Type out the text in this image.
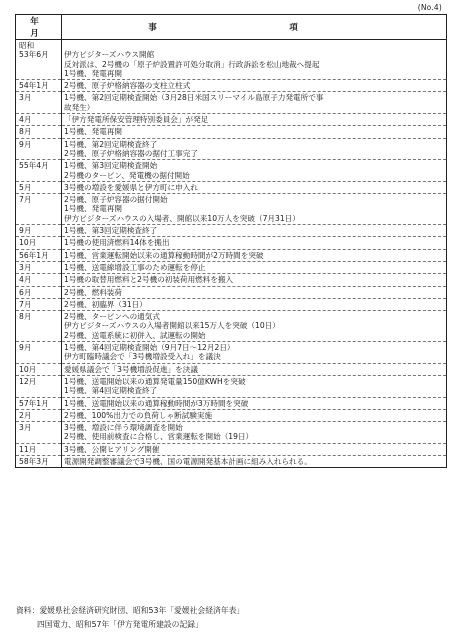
(No.4)
年　月	事　項

昭和
53年6月	伊方ビジターズハウス開館
反対派は、2号機の「原子炉設置許可処分取消」行政訴訟を松山地裁へ提起
1号機、発電再開

54年1月	2号機、原子炉格納容器の支柱立柱式

3月	1号機、第2回定期検査開始（3月28日米国スリーマイル島原子力発電所で事
故発生）

4月	「伊方発電所保安管理特別委員会」が発足

8月	1号機、発電再開

9月	1号機、第2回定期検査終了
2号機、原子炉格納容器の据付工事完了

55年4月	1号機、第3回定期検査開始
2号機のタービン、発電機の据付開始

5月	3号機の増設を愛媛県と伊方町に申入れ

7月	2号機、原子炉容器の据付開始
1号機、発電再開
伊方ビジターズハウスの入場者、開館以来10万人を突破（7月31日）

9月	1号機、第3回定期検査終了

10月	1号機の使用済燃料14体を搬出

56年1月	1号機、営業運転開始以来の通算稼動時間が2万時間を突破

3月	1号機、送電線增設工事のため運転を停止

4月	1号機の取替用燃料と2号機の初装荷用燃料を搬入

6月	2号機、燃料装荷

7月	2号機、初臨界（31日）

8月	2号機、タービンへの通気式
伊方ビジターズハウスの入場者開館以来15万人を突破（10日）
2号機、送電系統に初併入、試運転の開始

9月	1号機、第4回定期検査開始（9月7日～12月2日）
伊方町臨時議会で「3号機増設受入れ」を議決

10月	愛媛県議会で「3号機増設促進」を決議

12月	1号機、送電開始以来の通算発電量150億KWHを突破
1号機、第4回定期検査終了

57年1月	1号機、送電開始以来の通算稼動時間が3万時間を突破

2月	2号機、100%出力での負荷しゃ断試験実施

3月	3号機、増設に伴う環境調査を開始
2号機、使用前検査に合格し、営業運転を開始（19日）

11月	3号機、公開ヒアリング開催

58年3月	電源開発調整審議会で3号機、国の電源開発基本計画に組み入れられる。
資料：愛媛県社会経済研究財団、昭和53年「愛媛社会経済年表」
四国電力、昭和57年「伊方発電所建設の記録」
